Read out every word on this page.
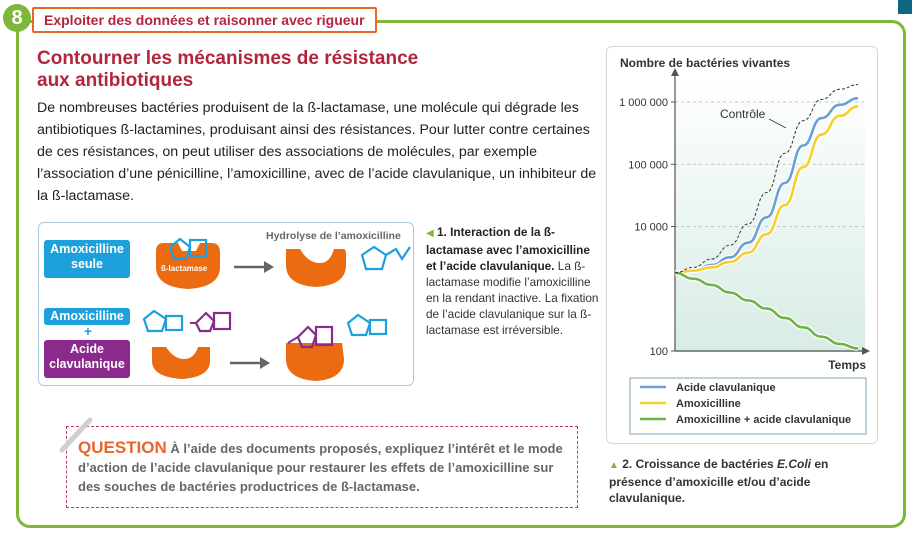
Exploiter des données et raisonner avec rigueur
8
Contourner les mécanismes de résistance
aux antibiotiques
De nombreuses bactéries produisent de la ß-lactamase, une molécule qui dégrade les antibiotiques ß-lactamines, produisant ainsi des résistances. Pour lutter contre certaines de ces résistances, on peut utiliser des associations de molécules, par exemple l’association d’une pénicilline, l’amoxicilline, avec de l’acide clavulanique, un inhibiteur de la ß-lactamase.
Amoxicilline
seule
Amoxicilline
+
Acide
clavulanique
Hydrolyse de l’amoxicilline
ß-lactamase
◀ 1. Interaction de la ß-lactamase avec l’amoxicilline et l’acide clavulanique. La ß-lactamase modifie l’amoxicilline en la rendant inactive. La fixation de l’acide clavulanique sur la ß-lactamase est irréversible.
QUESTION À l’aide des documents proposés, expliquez l’intérêt et le mode d’action de l’acide clavulanique pour restaurer les effets de l’amoxicilline sur des souches de bactéries productrices de ß-lactamase.
1 000 000
100 000
10 000
100
Nombre de bactéries vivantes
Temps
Contrôle
Acide clavulanique
Amoxicilline
Amoxicilline + acide clavulanique
▲ 2. Croissance de bactéries E.Coli en présence d’amoxicille et/ou d’acide clavulanique.
